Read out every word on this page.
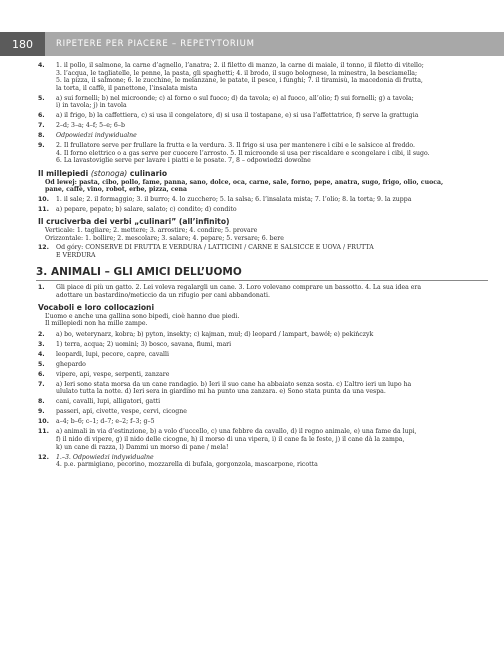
180	RIPETERE PER PIACERE – REPETYTORIUM
4.	1. il pollo, il salmone, la carne d’agnello, l’anatra; 2. il filetto di manzo, la carne di maiale, il tonno, il filetto di vitello;
3. l’acqua, le tagliatelle, le penne, la pasta, gli spaghetti; 4. il brodo, il sugo bolognese, la minestra, la besciamella;
5. la pizza, il salmone; 6. le zucchine, le melanzane, le patate, il pesce, i funghi; 7. il tiramisù, la macedonia di frutta,
la torta, il caffè, il panettone, l’insalata mista
5.	a) sui fornelli; b) nel microonde; c) al forno o sul fuoco; d) da tavola; e) al fuoco, all’olio; f) sui fornelli; g) a tavola;
i) in tavola; j) in tavola
6.	a) il frigo, b) la caffettiera, c) si usa il congelatore, d) si usa il tostapane, e) si usa l’affettatrice, f) serve la grattugia
7.	2–d; 3–a; 4–f; 5–e; 6–b
8.	Odpowiedzi indywidualne
9.	2. Il frullatore serve per frullare la frutta e la verdura. 3. Il frigo si usa per mantenere i cibi e le salsicce al freddo.
4. Il forno elettrico o a gas serve per cuocere l’arrosto. 5. Il microonde si usa per riscaldare e scongelare i cibi, il sugo.
6. La lavastoviglie serve per lavare i piatti e le posate. 7, 8 – odpowiedzi dowolne
Il millepiedi (stonoga) culinario
Od lewej: pasta, cibo, pollo, fame, panna, sano, dolce, oca, carne, sale, forno, pepe, anatra, sugo, frigo, olio, cuoca,
pane, caffè, vino, robot, erbe, pizza, cena
10.	1. il sale; 2. il formaggio; 3. il burro; 4. lo zucchero; 5. la salsa; 6. l’insalata mista; 7. l’olio; 8. la torta; 9. la zuppa
11.	a) pepare, pepato; b) salare, salato; c) condito; d) condito
Il cruciverba dei verbi „culinari” (all’infinito)
Verticale: 1. tagliare; 2. mettere; 3. arrostire; 4. condire; 5. provare
Orizzontale: 1. bollire; 2. mescolare; 3. salare; 4. pepare; 5. versare; 6. bere
12.	Od góry: CONSERVE DI FRUTTA E VERDURA / LATTICINI / CARNE E SALSICCE E UOVA / FRUTTA
E VERDURA
3. ANIMALI – GLI AMICI DELL’UOMO
1.	Gli piace di più un gatto. 2. Lei voleva regalargli un cane. 3. Loro volevano comprare un bassotto. 4. La sua idea era
adottare un bastardino/meticcio da un rifugio per cani abbandonati.
Vocaboli e loro collocazioni
L’uomo e anche una gallina sono bipedi, cioè hanno due piedi.
Il millepiedi non ha mille zampe.
2.	a) bo, weterynarz, kobra; b) pyton, insekty; c) kajman, muł; d) leopard / lampart, bawół; e) pekińczyk
3.	1) terra, acqua; 2) uomini; 3) bosco, savana, fiumi, mari
4.	leopardi, lupi, pecore, capre, cavalli
5.	ghepardo
6.	vipere, api, vespe, serpenti, zanzare
7.	a) Ieri sono stata morsa da un cane randagio. b) Ieri il suo cane ha abbaiato senza sosta. c) L’altro ieri un lupo ha
ululato tutta la notte. d) Ieri sera in giardino mi ha punto una zanzara. e) Sono stata punta da una vespa.
8.	cani, cavalli, lupi, alligatori, gatti
9.	passeri, api, civette, vespe, cervi, cicogne
10.	a–4; b–6; c–1; d–7; e–2; f–3; g–5
11.	a) animali in via d’estinzione, b) a volo d’uccello, c) una febbre da cavallo, d) il regno animale, e) una fame da lupi,
f) il nido di vipere, g) il nido delle cicogne, h) il morso di una vipera, i) il cane fa le feste, j) il cane dà la zampa,
k) un cane di razza, l) Dammi un morso di pane / mela!
12.	1.–3. Odpowiedzi indywidualne
4. p.e. parmigiano, pecorino, mozzarella di bufala, gorgonzola, mascarpone, ricotta
